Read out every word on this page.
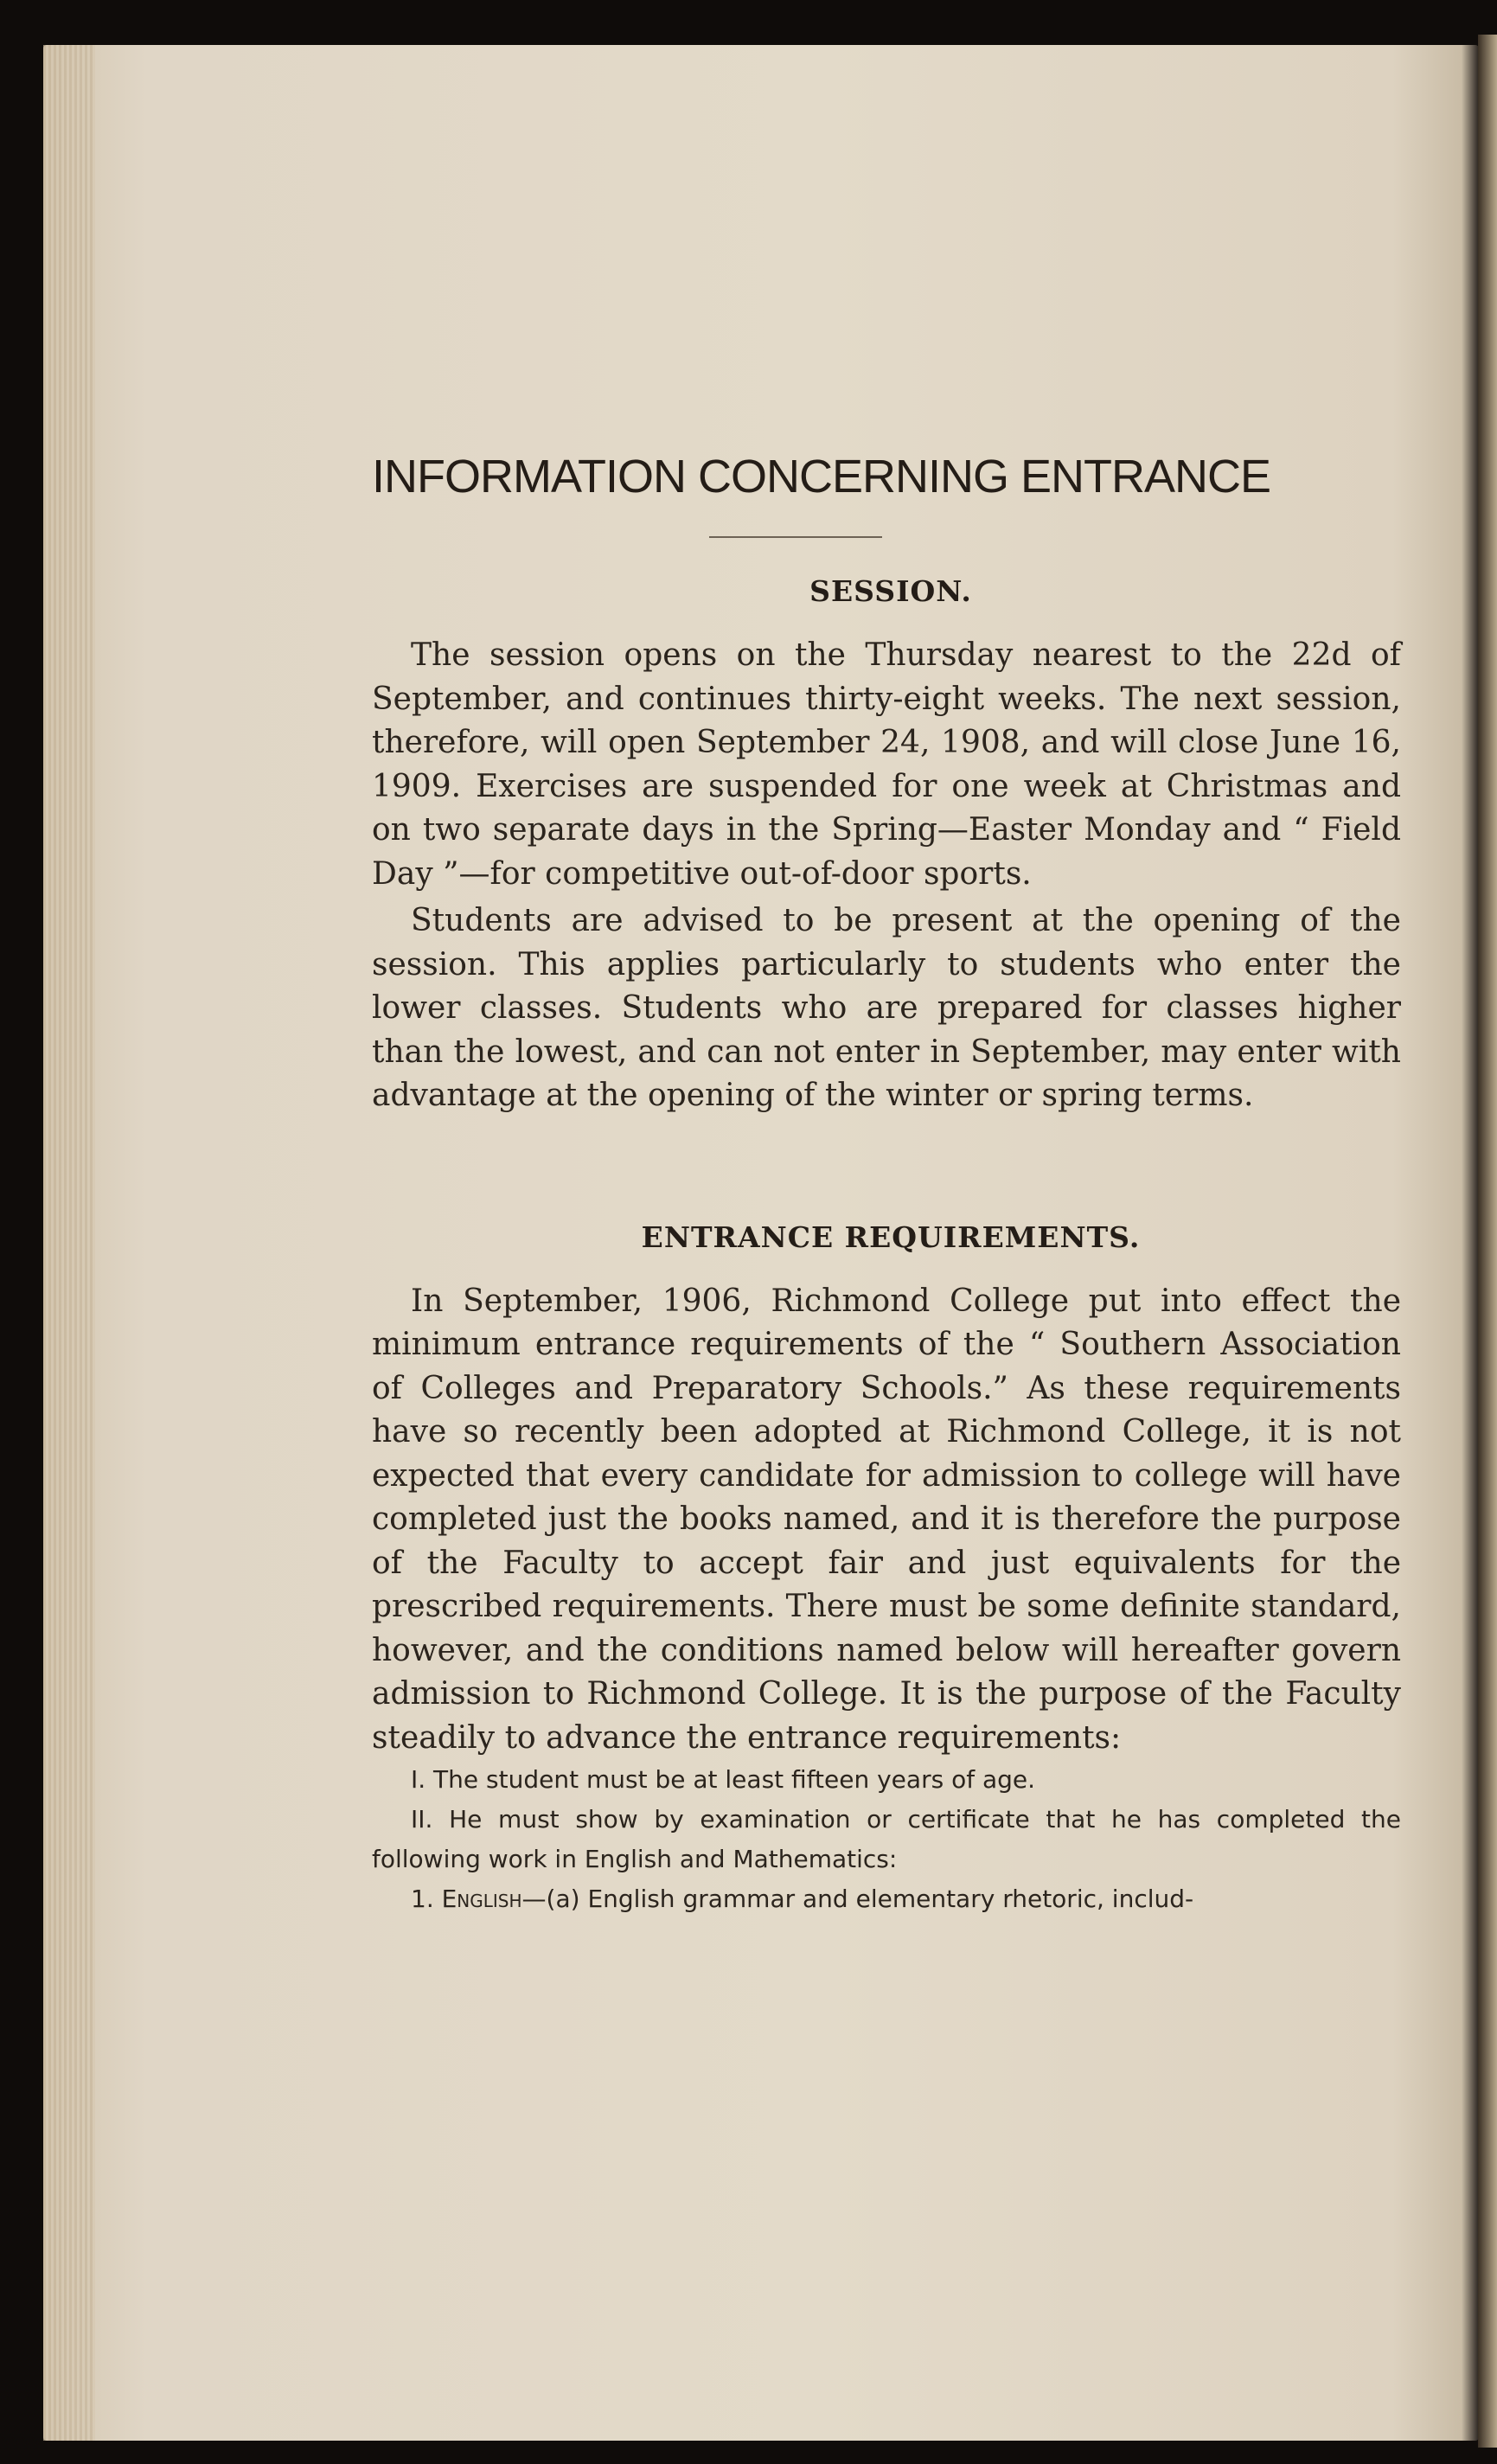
INFORMATION CONCERNING ENTRANCE
SESSION.

The session opens on the Thursday nearest to the 22d of September, and continues thirty-eight weeks. The next session, therefore, will open September 24, 1908, and will close June 16, 1909. Exercises are suspended for one week at Christmas and on two separate days in the Spring—Easter Monday and “ Field Day ”—for competitive out-of-door sports.

Students are advised to be present at the opening of the session. This applies particularly to students who enter the lower classes. Students who are prepared for classes higher than the lowest, and can not enter in September, may enter with advantage at the opening of the winter or spring terms.

ENTRANCE REQUIREMENTS.

In September, 1906, Richmond College put into effect the minimum entrance requirements of the “ Southern Association of Colleges and Preparatory Schools.” As these requirements have so recently been adopted at Richmond College, it is not expected that every candidate for admission to college will have completed just the books named, and it is therefore the purpose of the Faculty to accept fair and just equivalents for the prescribed requirements. There must be some definite standard, however, and the conditions named below will hereafter govern admission to Richmond College. It is the purpose of the Faculty steadily to advance the entrance requirements:

I. The student must be at least fifteen years of age.

II. He must show by examination or certificate that he has completed the following work in English and Mathematics:

1. English—(a) English grammar and elementary rhetoric, includ-
